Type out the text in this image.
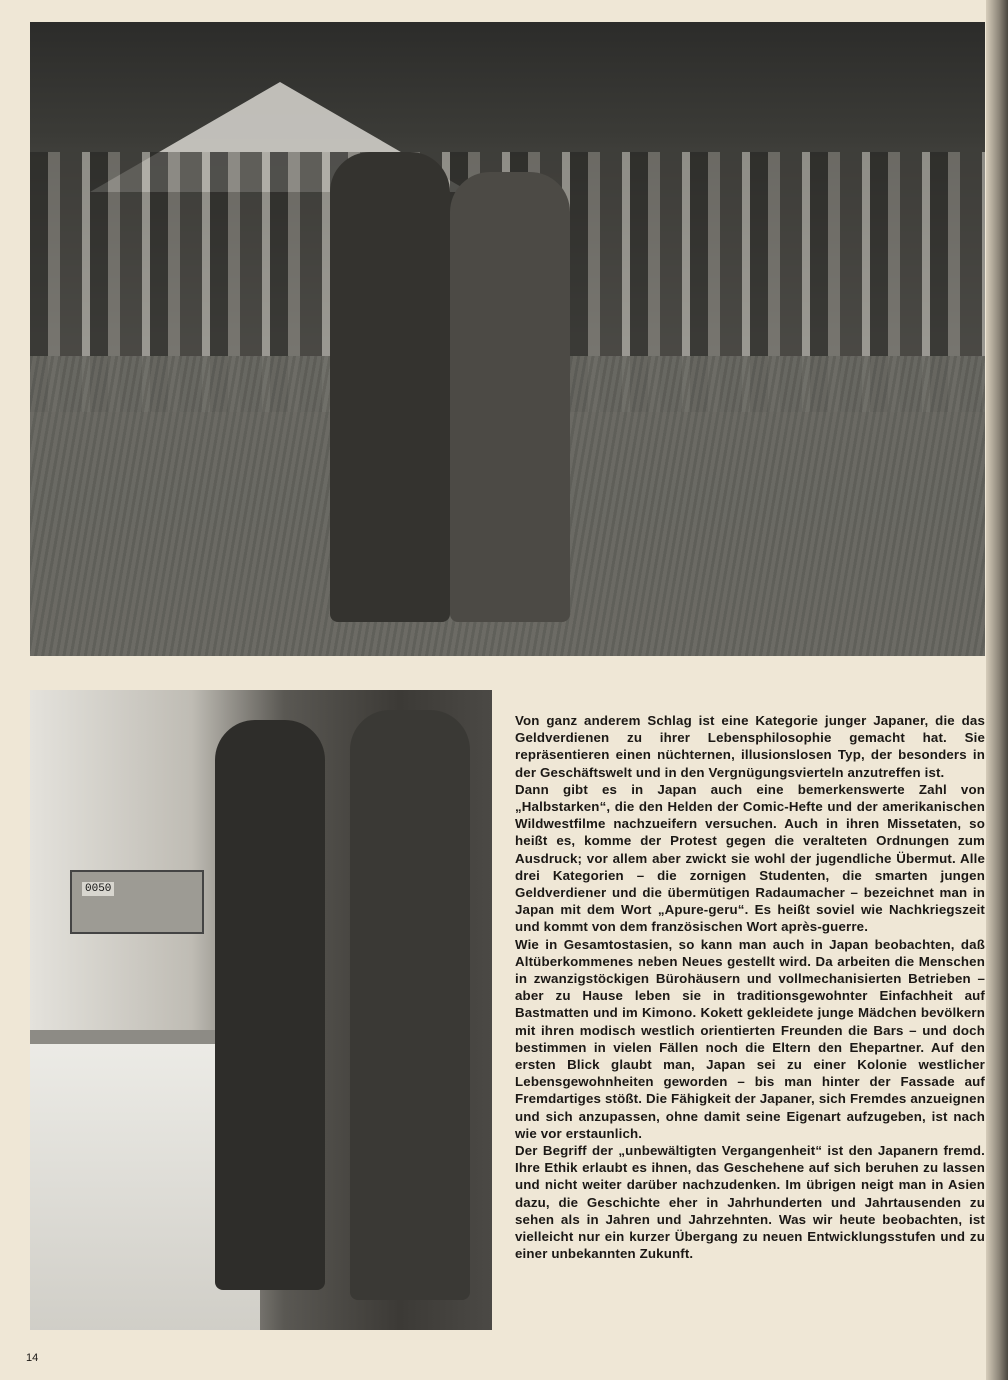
0050

Von ganz anderem Schlag ist eine Kategorie junger Japaner, die das Geldverdienen zu ihrer Lebensphilosophie gemacht hat. Sie repräsentieren einen nüchternen, illusionslosen Typ, der besonders in der Geschäftswelt und in den Vergnügungsvierteln anzutreffen ist.

Dann gibt es in Japan auch eine bemerkenswerte Zahl von „Halbstarken“, die den Helden der Comic-Hefte und der amerikanischen Wildwestfilme nachzueifern versuchen. Auch in ihren Missetaten, so heißt es, komme der Protest gegen die veralteten Ordnungen zum Ausdruck; vor allem aber zwickt sie wohl der jugendliche Übermut. Alle drei Kategorien – die zornigen Studenten, die smarten jungen Geldverdiener und die übermütigen Radaumacher – bezeichnet man in Japan mit dem Wort „Apure-geru“. Es heißt soviel wie Nachkriegszeit und kommt von dem französischen Wort après-guerre.

Wie in Gesamtostasien, so kann man auch in Japan beobachten, daß Altüberkommenes neben Neues gestellt wird. Da arbeiten die Menschen in zwanzigstöckigen Bürohäusern und vollmechanisierten Betrieben – aber zu Hause leben sie in traditionsgewohnter Einfachheit auf Bastmatten und im Kimono. Kokett gekleidete junge Mädchen bevölkern mit ihren modisch westlich orientierten Freunden die Bars – und doch bestimmen in vielen Fällen noch die Eltern den Ehepartner. Auf den ersten Blick glaubt man, Japan sei zu einer Kolonie westlicher Lebensgewohnheiten geworden – bis man hinter der Fassade auf Fremdartiges stößt. Die Fähigkeit der Japaner, sich Fremdes anzueignen und sich anzupassen, ohne damit seine Eigenart aufzugeben, ist nach wie vor erstaunlich.

Der Begriff der „unbewältigten Vergangenheit“ ist den Japanern fremd. Ihre Ethik erlaubt es ihnen, das Geschehene auf sich beruhen zu lassen und nicht weiter darüber nachzudenken. Im übrigen neigt man in Asien dazu, die Geschichte eher in Jahrhunderten und Jahrtausenden zu sehen als in Jahren und Jahrzehnten. Was wir heute beobachten, ist vielleicht nur ein kurzer Übergang zu neuen Entwicklungsstufen und zu einer unbekannten Zukunft.

14
